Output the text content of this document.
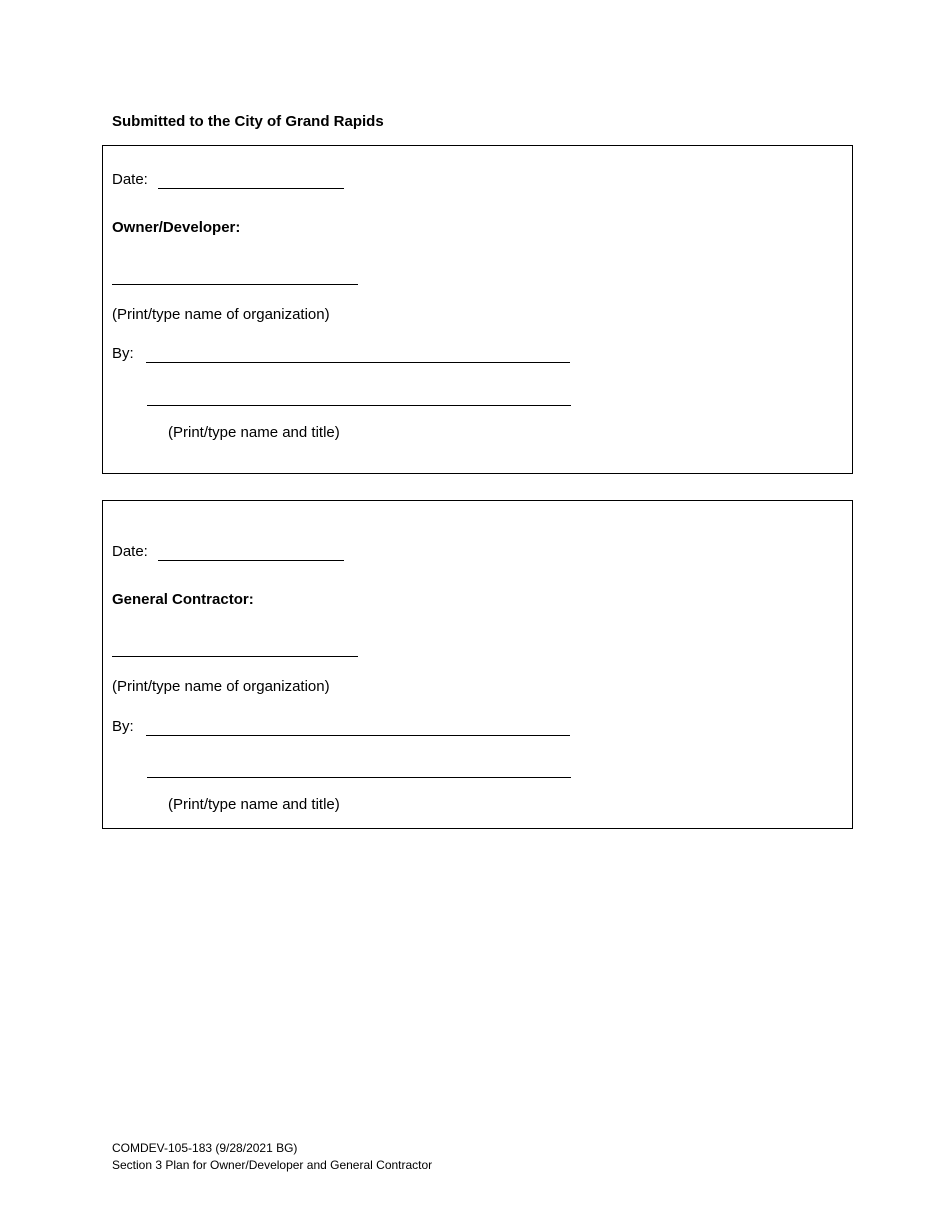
Submitted to the City of Grand Rapids
Date:
Owner/Developer:
(Print/type name of organization)
By:
(Print/type name and title)
Date:
General Contractor:
(Print/type name of organization)
By:
(Print/type name and title)
COMDEV-105-183 (9/28/2021 BG)
Section 3 Plan for Owner/Developer and General Contractor
